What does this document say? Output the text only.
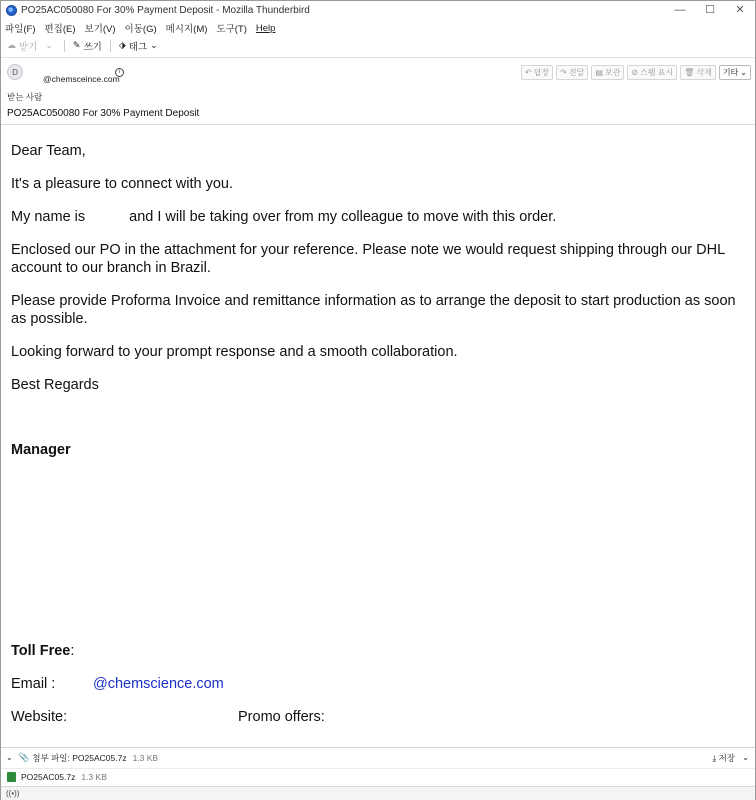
PO25AC050080 For 30% Payment Deposit - Mozilla Thunderbird	—	☐	✕
파일(F) 편집(E) 보기(V) 이동(G) 메시지(M) 도구(T) Help
☁ 받기 ⌄ ✎ 쓰기 ⬗ 태그 ⌄
D
@chemsceince.com
i
받는 사람
PO25AC050080 For 30% Payment Deposit
↶ 답장 ↷ 전달 ▤ 보관 ⊘ 스팸 표시 🗑 삭제 기타 ⌄

Dear Team,

It's a pleasure to connect with you.

My name is	and I will be taking over from my colleague to move with this order.

Enclosed our PO in the attachment for your reference. Please note we would request shipping through our DHL account to our branch in Brazil.

Please provide Proforma Invoice and remittance information as to arrange the deposit to start production as soon as possible.

Looking forward to your prompt response and a smooth collaboration.

Best Regards

Manager

Toll Free:

Email :	@chemscience.com

Website:	Promo offers:

⌄ 📎 첨부 파일: PO25AC05.7z 1.3 KB	⤓ 저장 ⌄
PO25AC05.7z 1.3 KB
((•))
